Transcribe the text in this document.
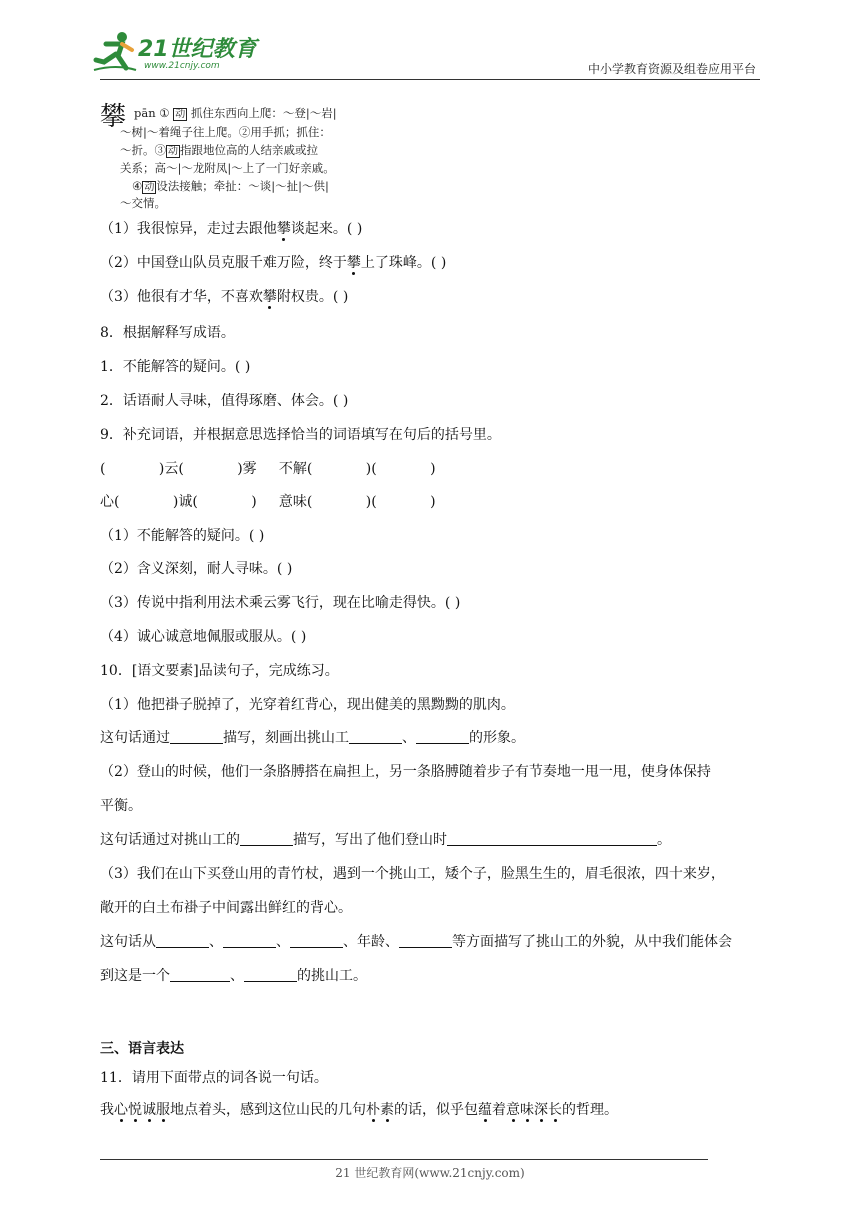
21世纪教育
www.21cnjy.com	中小学教育资源及组卷应用平台
攀 pān ① 动 抓住东西向上爬：～登|～岩|
～树|～着绳子往上爬。②用手抓；抓住：
～折。③ 动 指跟地位高的人结亲戚或拉
关系；高～|～龙附凤|～上了一门好亲戚。
④ 动 设法接触；牵扯：～谈|～扯|～供|
～交情。
（1）我很惊异，走过去跟他攀谈起来。( )
（2）中国登山队员克服千难万险，终于攀上了珠峰。( )
（3）他很有才华，不喜欢攀附权贵。( )
8．根据解释写成语。
1．不能解答的疑问。( )
2．话语耐人寻味，值得琢磨、体会。( )
9．补充词语，并根据意思选择恰当的词语填写在句后的括号里。
(            )云(            )雾     不解(            )(            )
心(            )诚(            )     意味(            )(            )
（1）不能解答的疑问。( )
（2）含义深刻，耐人寻味。( )
（3）传说中指利用法术乘云雾飞行，现在比喻走得快。( )
（4）诚心诚意地佩服或服从。( )
10．[语文要素]品读句子，完成练习。
（1）他把褂子脱掉了，光穿着红背心，现出健美的黑黝黝的肌肉。
这句话通过	描写，刻画出挑山工	、	的形象。
（2）登山的时候，他们一条胳膊搭在扁担上，另一条胳膊随着步子有节奏地一甩一甩，使身体保持
平衡。
这句话通过对挑山工的	描写，写出了他们登山时	。
（3）我们在山下买登山用的青竹杖，遇到一个挑山工，矮个子，脸黑生生的，眉毛很浓，四十来岁，
敞开的白土布褂子中间露出鲜红的背心。
这句话从	、	、	、年龄、	等方面描写了挑山工的外貌，从中我们能体会
到这是一个	、	的挑山工。
三、语言表达
11．请用下面带点的词各说一句话。
我心悦诚服地点着头，感到这位山民的几句朴素的话，似乎包蕴着意味深长的哲理。
21 世纪教育网(www.21cnjy.com)
